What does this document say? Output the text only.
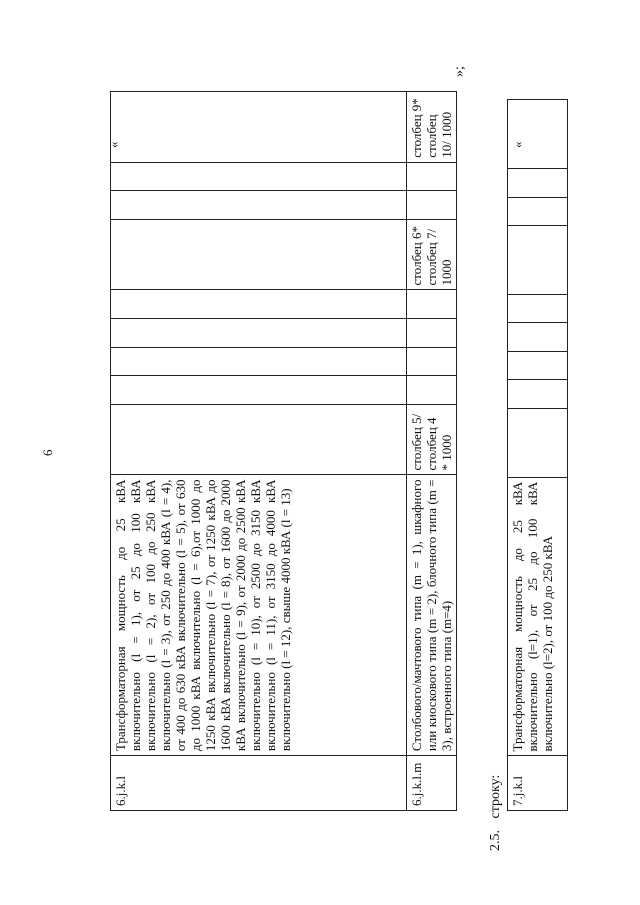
6
«
6.j.k.l	Трансформаторная мощность до 25 кВА включительно (l = 1), от 25 до 100 кВА включительно (l = 2), от 100 до 250 кВА включительно (l = 3), от 250 до 400 кВА (l = 4), от 400 до 630 кВА включительно (l = 5), от 630 до 1000 кВА включительно (l = 6),от 1000 до 1250 кВА включительно (l = 7), от 1250 кВА до 1600 кВА включительно (l = 8), от 1600 до 2000 кВА включительно (l = 9), от 2000 до 2500 кВА включительно (l = 10), от 2500 до 3150 кВА включительно (l = 11), от 3150 до 4000 кВА включительно (l = 12), свыше 4000 кВА (l = 13)									
6.j.k.l.m	Столбового/мачтового типа (m = 1), шкафного или киоскового типа (m = 2), блочного типа (m = 3), встроенного типа (m=4)	столбец 5/ столбец 4 * 1000					столбец 6* столбец 7/ 1000			столбец 9* столбец 10/ 1000
»;
2.5. строку:
«
7.j.k.l	Трансформаторная мощность до 25 кВА включительно (l=1), от 25 до 100 кВА включительно (l=2), от 100 до 250 кВА									
